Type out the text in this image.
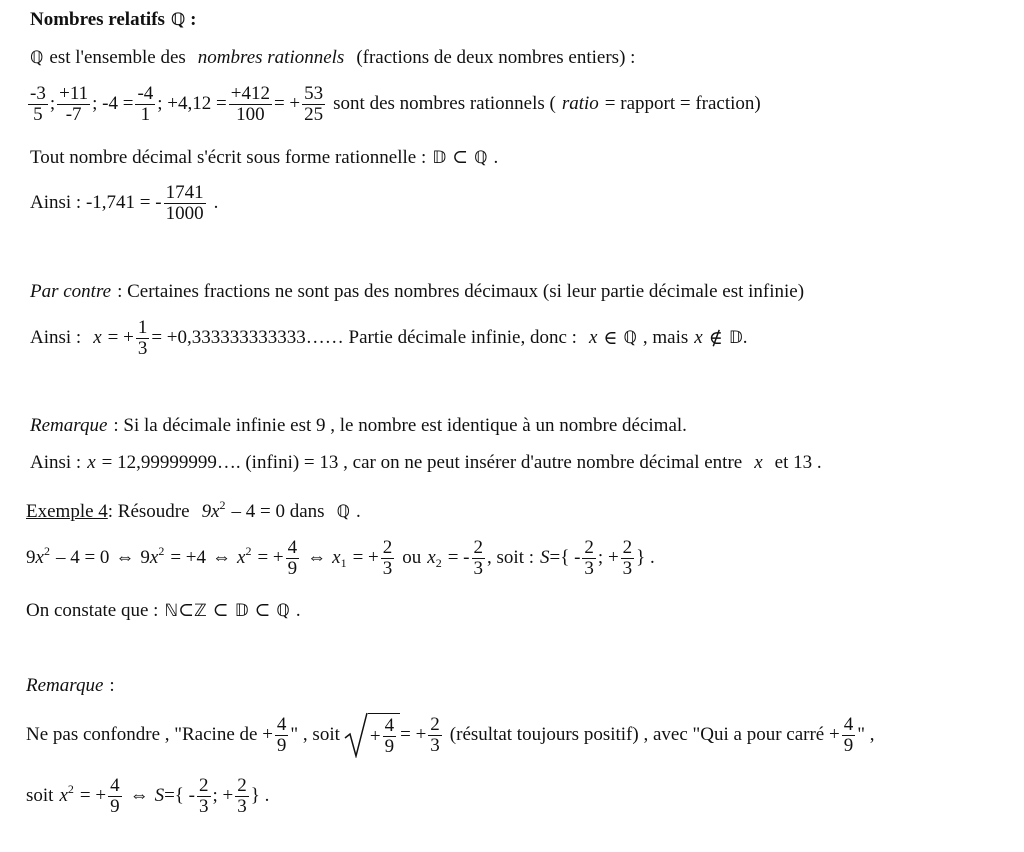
Nombres relatifs ℚ :
ℚ est l'ensemble des nombres rationnels (fractions de deux nombres entiers) :
$\frac{-3}{5}$ ; $\frac{+11}{-7}$ ; $-4 = \frac{-4}{1}$ ; $+4,12 = \frac{+412}{100}$ = + $\frac{53}{25}$ sont des nombres rationnels ( ratio = rapport = fraction)
Tout nombre décimal s'écrit sous forme rationnelle : 𝔻 ⊂ ℚ .
Ainsi : -1,741 = - $\frac{1741}{1000}$ .
Par contre : Certaines fractions ne sont pas des nombres décimaux (si leur partie décimale est infinie)
Ainsi : x = + $\frac{1}{3}$ = +0,333333333333…… Partie décimale infinie, donc : x ∈ ℚ , mais x ∉ 𝔻 .
Remarque : Si la décimale infinie est 9 , le nombre est identique à un nombre décimal.
Ainsi : x = 12,99999999…. (infini) = 13 , car on ne peut insérer d'autre nombre décimal entre x et 13 .
Exemple 4 : Résoudre 9 x 2 – 4 = 0 dans ℚ .
9 x 2 – 4 = 0 ⇔ 9 x 2 = +4 ⇔ x 2 = + $\frac{4}{9}$ ⇔ x 1 = + $\frac{2}{3}$ ou x 2 = - $\frac{2}{3}$ , soit : S ={ - $\frac{2}{3}$ ; + $\frac{2}{3}$ } .
On constate que : ℕ ⊂ ℤ ⊂ 𝔻 ⊂ ℚ .
Remarque :
Ne pas confondre , "Racine de + $\frac{4}{9}$ " , soit + $\frac{4}{9}$ = + $\frac{2}{3}$ (résultat toujours positif) , avec "Qui a pour carré + $\frac{4}{9}$ " ,
soit x 2 = + $\frac{4}{9}$ ⇔ S ={ - $\frac{2}{3}$ ; + $\frac{2}{3}$ } .
